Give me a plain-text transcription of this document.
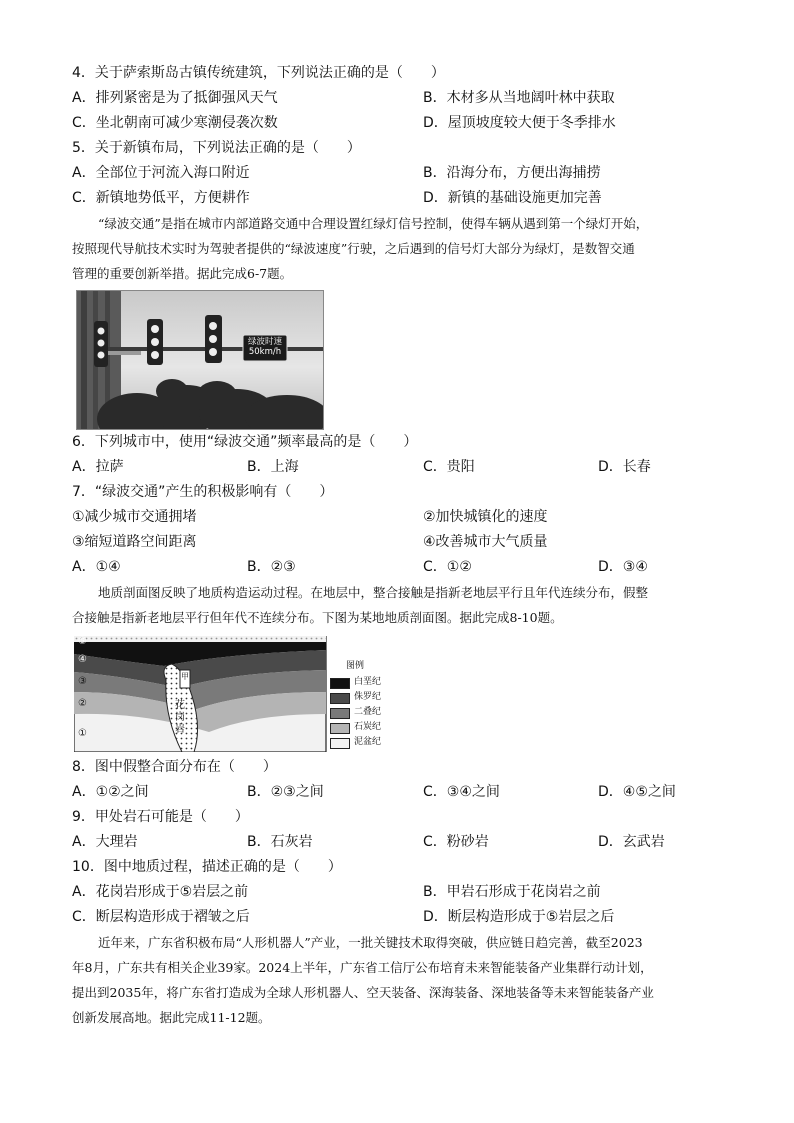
4．关于萨索斯岛古镇传统建筑，下列说法正确的是（　　）
A．排列紧密是为了抵御强风天气	B．木材多从当地阔叶林中获取
C．坐北朝南可减少寒潮侵袭次数	D．屋顶坡度较大便于冬季排水
5．关于新镇布局，下列说法正确的是（　　）
A．全部位于河流入海口附近	B．沿海分布，方便出海捕捞
C．新镇地势低平，方便耕作	D．新镇的基础设施更加完善
“绿波交通”是指在城市内部道路交通中合理设置红绿灯信号控制，使得车辆从遇到第一个绿灯开始，
按照现代导航技术实时为驾驶者提供的“绿波速度”行驶，之后遇到的信号灯大部分为绿灯，是数智交通
管理的重要创新举措。据此完成6-7题。
绿波时速
50km/h
6．下列城市中，使用“绿波交通”频率最高的是（　　）
A．拉萨	B．上海	C．贵阳	D．长春
7．“绿波交通”产生的积极影响有（　　）
①减少城市交通拥堵	②加快城镇化的速度
③缩短道路空间距离	④改善城市大气质量
A．①④	B．②③	C．①②	D．③④
地质剖面图反映了地质构造运动过程。在地层中，整合接触是指新老地层平行且年代连续分布，假整
合接触是指新老地层平行但年代不连续分布。下图为某地地质剖面图。据此完成8-10题。
⑤
④
③
②
①
甲
花
岗
岩
图例
白垩纪
侏罗纪
二叠纪
石炭纪
泥盆纪
8．图中假整合面分布在（　　）
A．①②之间	B．②③之间	C．③④之间	D．④⑤之间
9．甲处岩石可能是（　　）
A．大理岩	B．石灰岩	C．粉砂岩	D．玄武岩
10．图中地质过程，描述正确的是（　　）
A．花岗岩形成于⑤岩层之前	B．甲岩石形成于花岗岩之前
C．断层构造形成于褶皱之后	D．断层构造形成于⑤岩层之后
近年来，广东省积极布局“人形机器人”产业，一批关键技术取得突破，供应链日趋完善，截至2023
年8月，广东共有相关企业39家。2024上半年，广东省工信厅公布培育未来智能装备产业集群行动计划，
提出到2035年，将广东省打造成为全球人形机器人、空天装备、深海装备、深地装备等未来智能装备产业
创新发展高地。据此完成11-12题。
